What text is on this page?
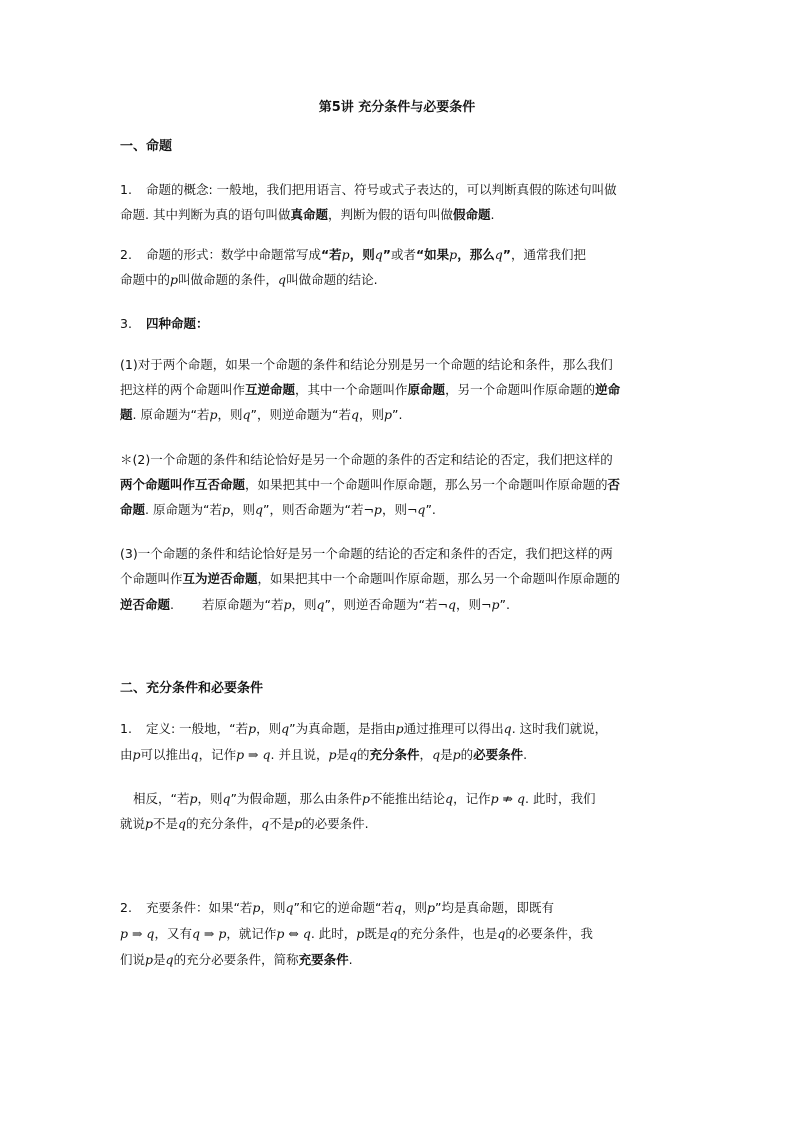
第5讲 充分条件与必要条件
一、命题
1. 命题的概念: 一般地，我们把用语言、符号或式子表达的，可以判断真假的陈述句叫做
命题. 其中判断为真的语句叫做真命题，判断为假的语句叫做假命题.
2. 命题的形式：数学中命题常写成“若p，则q”或者“如果p，那么q”，通常我们把
命题中的p叫做命题的条件，q叫做命题的结论.
3. 四种命题：
(1)对于两个命题，如果一个命题的条件和结论分别是另一个命题的结论和条件，那么我们
把这样的两个命题叫作互逆命题，其中一个命题叫作原命题，另一个命题叫作原命题的逆命
题. 原命题为“若p，则q”，则逆命题为“若q，则p”.
＊(2)一个命题的条件和结论恰好是另一个命题的条件的否定和结论的否定，我们把这样的
两个命题叫作互否命题，如果把其中一个命题叫作原命题，那么另一个命题叫作原命题的否
命题. 原命题为“若p，则q”，则否命题为“若¬p，则¬q”.
(3)一个命题的条件和结论恰好是另一个命题的结论的否定和条件的否定，我们把这样的两
个命题叫作互为逆否命题，如果把其中一个命题叫作原命题，那么另一个命题叫作原命题的
逆否命题. 若原命题为“若p，则q”，则逆否命题为“若¬q，则¬p”.
二、充分条件和必要条件
1. 定义: 一般地，“若p，则q”为真命题，是指由p通过推理可以得出q. 这时我们就说，
由p可以推出q，记作p ⇒ q. 并且说，p是q的充分条件，q是p的必要条件.
相反，“若p，则q”为假命题，那么由条件p不能推出结论q，记作p ⇏ q. 此时，我们
就说p不是q的充分条件，q不是p的必要条件.
2. 充要条件：如果“若p，则q”和它的逆命题“若q，则p”均是真命题，即既有
p ⇒ q，又有q ⇒ p，就记作p ⇔ q. 此时，p既是q的充分条件，也是q的必要条件，我
们说p是q的充分必要条件，简称充要条件.
